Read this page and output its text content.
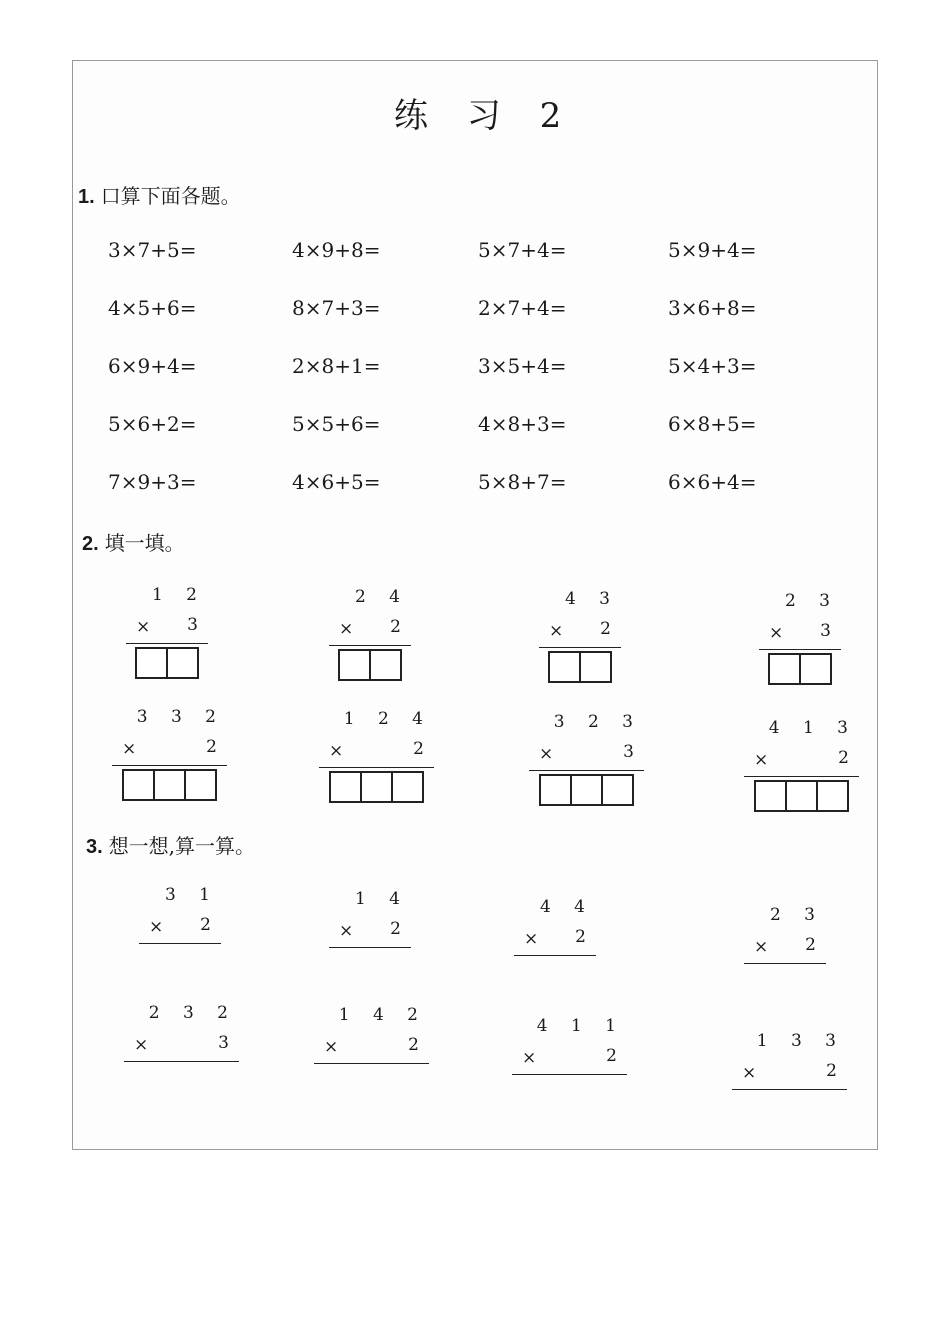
练 习 2
1. 口算下面各题。
2. 填一填。
3. 想一想,算一算。
3×7+5=	4×9+8=	5×7+4=	5×9+4=
4×5+6=	8×7+3=	2×7+4=	3×6+8=
6×9+4=	2×8+1=	3×5+4=	5×4+3=
5×6+2=	5×5+6=	4×8+3=	6×8+5=
7×9+3=	4×6+5=	5×8+7=	6×6+4=
1 2
×	3
2 4
×	2
4 3
×	2
2 3
×	3
3 3 2
×	2
1 2 4
×	2
3 2 3
×	3
4 1 3
×	2
3 1
×	2
1 4
×	2
4 4
×	2
2 3
×	2
2 3 2
×	3
1 4 2
×	2
4 1 1
×	2
1 3 3
×	2
